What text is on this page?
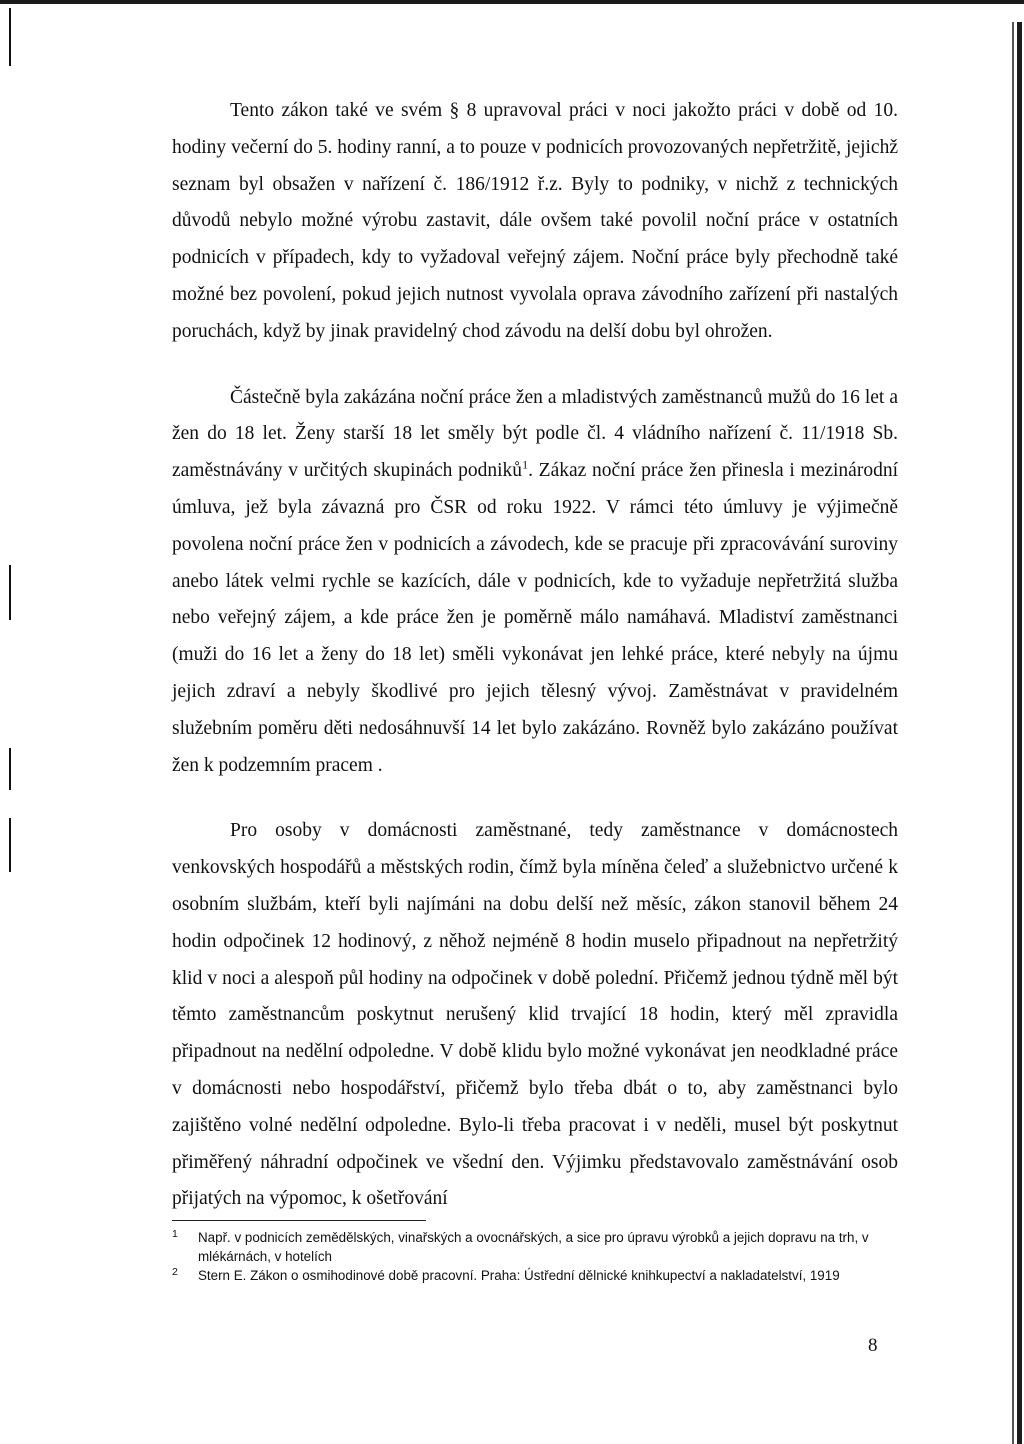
Tento zákon také ve svém § 8 upravoval práci v noci jakožto práci v době od 10. hodiny večerní do 5. hodiny ranní, a to pouze v podnicích provozovaných nepřetržitě, jejichž seznam byl obsažen v nařízení č. 186/1912 ř.z. Byly to podniky, v nichž z technických důvodů nebylo možné výrobu zastavit, dále ovšem také povolil noční práce v ostatních podnicích v případech, kdy to vyžadoval veřejný zájem. Noční práce byly přechodně také možné bez povolení, pokud jejich nutnost vyvolala oprava závodního zařízení při nastalých poruchách, když by jinak pravidelný chod závodu na delší dobu byl ohrožen.

Částečně byla zakázána noční práce žen a mladistvých zaměstnanců mužů do 16 let a žen do 18 let. Ženy starší 18 let směly být podle čl. 4 vládního nařízení č. 11/1918 Sb. zaměstnávány v určitých skupinách podniků$^1$. Zákaz noční práce žen přinesla i mezinárodní úmluva, jež byla závazná pro ČSR od roku 1922. V rámci této úmluvy je výjimečně povolena noční práce žen v podnicích a závodech, kde se pracuje při zpracovávání suroviny anebo látek velmi rychle se kazících, dále v podnicích, kde to vyžaduje nepřetržitá služba nebo veřejný zájem, a kde práce žen je poměrně málo namáhavá. Mladiství zaměstnanci (muži do 16 let a ženy do 18 let) směli vykonávat jen lehké práce, které nebyly na újmu jejich zdraví a nebyly škodlivé pro jejich tělesný vývoj. Zaměstnávat v pravidelném služebním poměru děti nedosáhnuvší 14 let bylo zakázáno. Rovněž bylo zakázáno používat žen k podzemním pracem .

Pro osoby v domácnosti zaměstnané, tedy zaměstnance v domácnostech venkovských hospodářů a městských rodin, čímž byla míněna čeleď a služebnictvo určené k osobním službám, kteří byli najímáni na dobu delší než měsíc, zákon stanovil během 24 hodin odpočinek 12 hodinový, z něhož nejméně 8 hodin muselo připadnout na nepřetržitý klid v noci a alespoň půl hodiny na odpočinek v době polední. Přičemž jednou týdně měl být těmto zaměstnancům poskytnut nerušený klid trvající 18 hodin, který měl zpravidla připadnout na nedělní odpoledne. V době klidu bylo možné vykonávat jen neodkladné práce v domácnosti nebo hospodářství, přičemž bylo třeba dbát o to, aby zaměstnanci bylo zajištěno volné nedělní odpoledne. Bylo-li třeba pracovat i v neděli, musel být poskytnut přiměřený náhradní odpočinek ve všední den. Výjimku představovalo zaměstnávání osob přijatých na výpomoc, k ošetřování

1 Např. v podnicích zemědělských, vinařských a ovocnářských, a sice pro úpravu výrobků a jejich dopravu na trh, v mlékárnách, v hotelích
2 Stern E. Zákon o osmihodinové době pracovní. Praha: Ústřední dělnické knihkupectví a nakladatelství, 1919
8
